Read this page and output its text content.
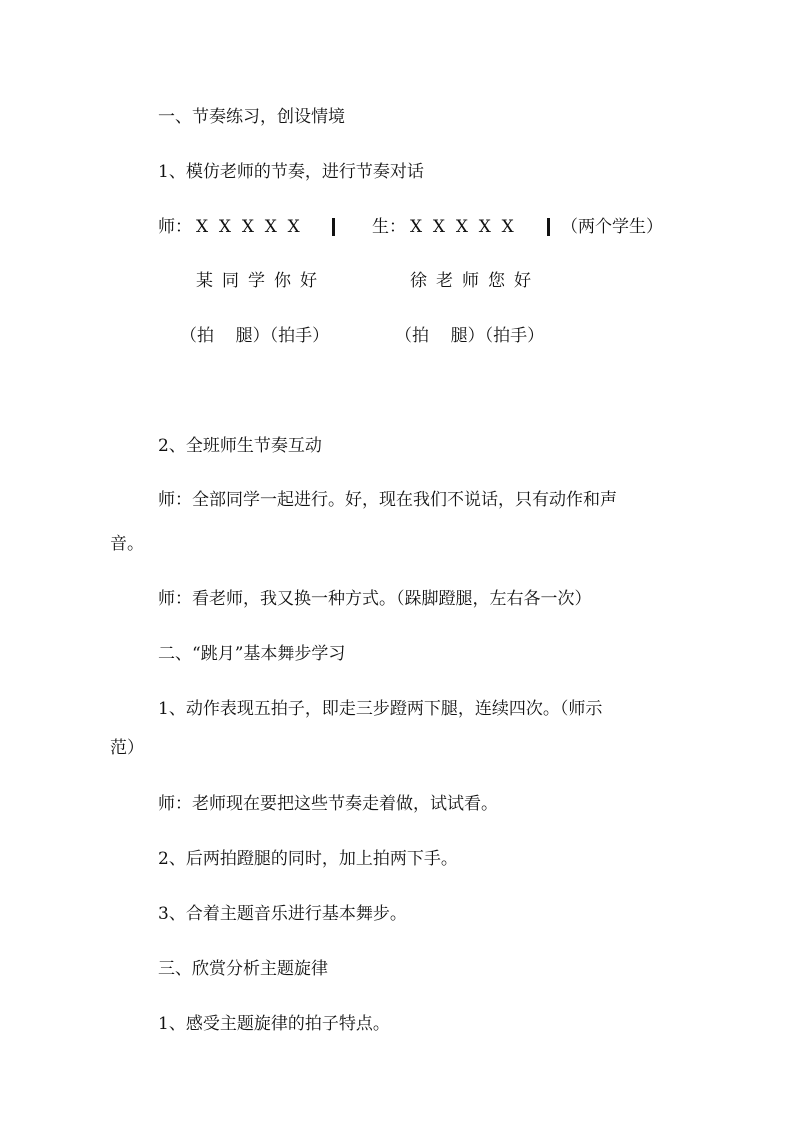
一、节奏练习，创设情境
1、模仿老师的节奏，进行节奏对话
师： X  X  X  X  X	生： X  X  X  X  X	（两个学生）
某同学你好	徐老师您好
（拍    腿）（拍手）	（拍    腿）（拍手）
2、全班师生节奏互动
师：全部同学一起进行。好，现在我们不说话，只有动作和声
音。
师：看老师，我又换一种方式。（跺脚蹬腿，左右各一次）
二、“跳月”基本舞步学习
1、动作表现五拍子，即走三步蹬两下腿，连续四次。（师示
范）
师：老师现在要把这些节奏走着做，试试看。
2、后两拍蹬腿的同时，加上拍两下手。
3、合着主题音乐进行基本舞步。
三、欣赏分析主题旋律
1、感受主题旋律的拍子特点。
